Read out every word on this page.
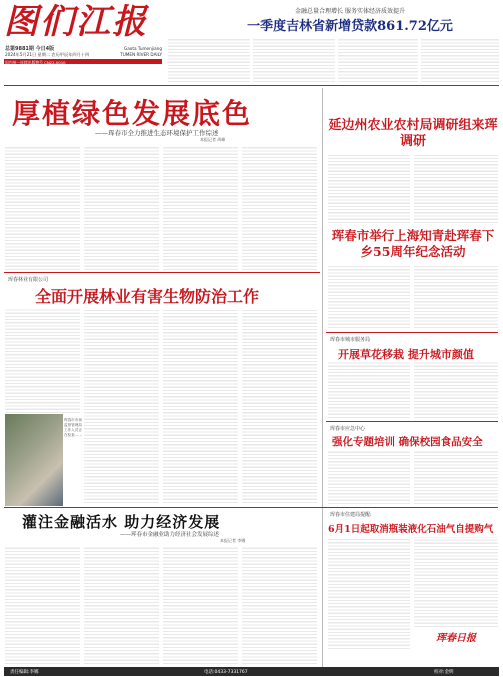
图们江报
总第9881期 今日4版
2024年5月21日 星期二 农历甲辰年四月十四
Gaota Tumenjiang
TUMEN RIVER DAILY
国内统一连续出版物号 CN22-0010
金融总量合理增长 服务实体经济质效提升
一季度吉林省新增贷款861.72亿元
厚植绿色发展底色
——珲春市全力推进生态环境保护工作综述
本报记者 周峰
延边州农业农村局调研组来珲调研
珲春市举行上海知青赴珲春下乡55周年纪念活动
珲春林业有限公司
全面开展林业有害生物防治工作
珲春市市场监督管理局工作人员正在检查……
珲春市城市服务局
开展草花移栽 提升城市颜值
珲春市应急中心
强化专题培训 确保校园食品安全
灌注金融活水 助力经济发展
——珲春市金融业助力经济社会发展综述
本报记者 李娜
珲春市住建局提醒:
6月1日起取消瓶装液化石油气自提购气
珲春日报
责任编辑:李娜	电话:0433-7331767	校对:金明
